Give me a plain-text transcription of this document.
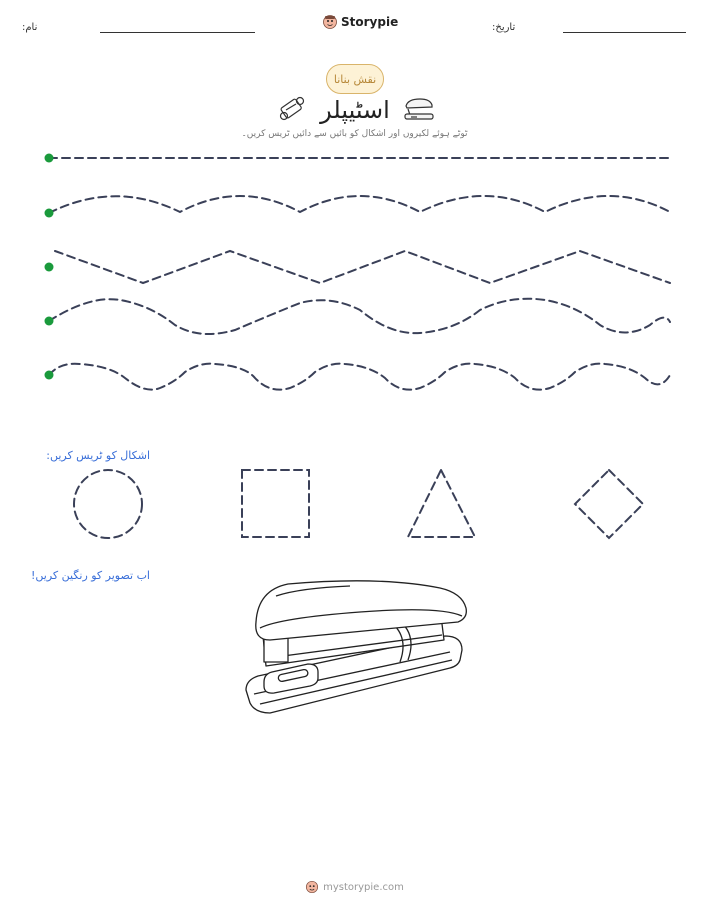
نام:	Storypie	تاریخ:
نقش بنانا
اسٹیپلر
ٹوٹے ہوئے لکیروں اور اشکال کو بائیں سے دائیں ٹریس کریں۔
اشکال کو ٹریس کریں:
اب تصویر کو رنگین کریں!
mystorypie.com
